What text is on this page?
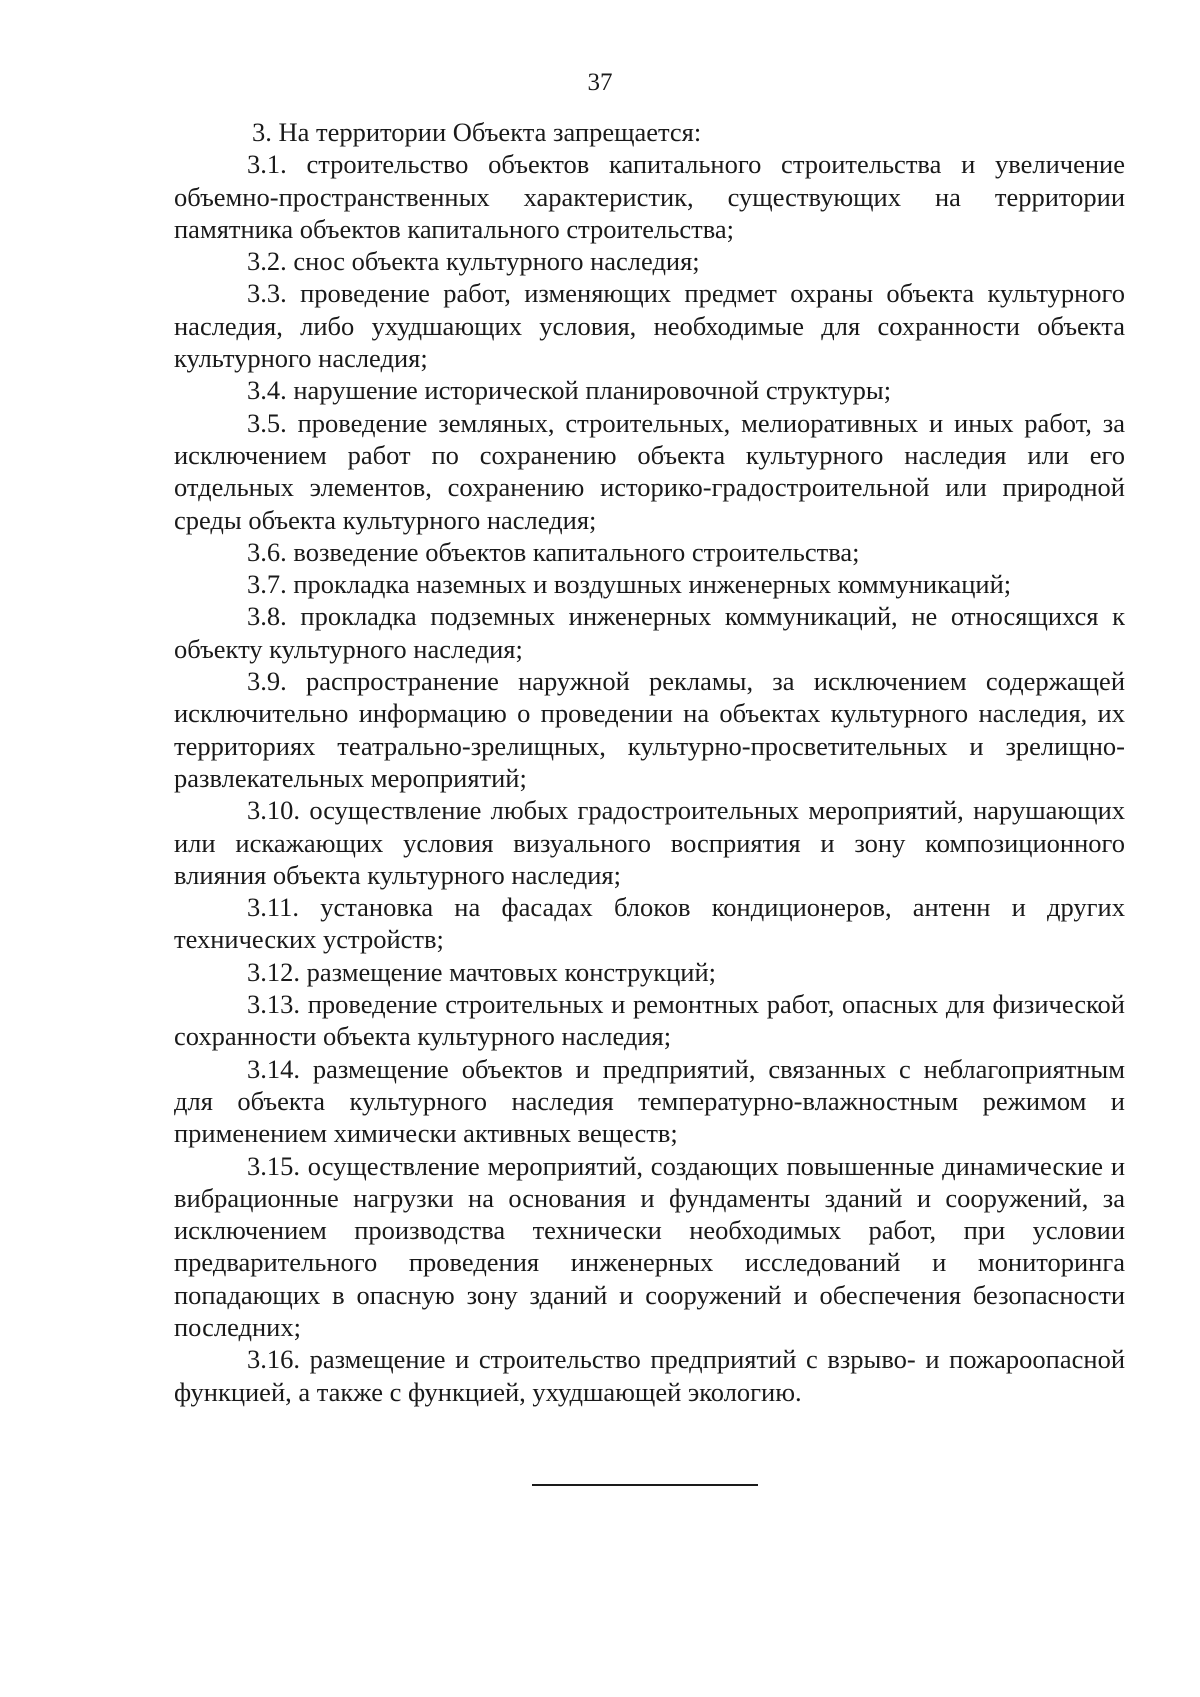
37

3. На территории Объекта запрещается:

3.1. строительство объектов капитального строительства и увеличение объемно-пространственных характеристик, существующих на территории памятника объектов капитального строительства;

3.2. снос объекта культурного наследия;

3.3. проведение работ, изменяющих предмет охраны объекта культурного наследия, либо ухудшающих условия, необходимые для сохранности объекта культурного наследия;

3.4. нарушение исторической планировочной структуры;

3.5. проведение земляных, строительных, мелиоративных и иных работ, за исключением работ по сохранению объекта культурного наследия или его отдельных элементов, сохранению историко-градостроительной или природной среды объекта культурного наследия;

3.6. возведение объектов капитального строительства;

3.7. прокладка наземных и воздушных инженерных коммуникаций;

3.8. прокладка подземных инженерных коммуникаций, не относящихся к объекту культурного наследия;

3.9. распространение наружной рекламы, за исключением содержащей исключительно информацию о проведении на объектах культурного наследия, их территориях театрально-зрелищных, культурно-просветительных и зрелищно-развлекательных мероприятий;

3.10. осуществление любых градостроительных мероприятий, нарушающих или искажающих условия визуального восприятия и зону композиционного влияния объекта культурного наследия;

3.11. установка на фасадах блоков кондиционеров, антенн и других технических устройств;

3.12. размещение мачтовых конструкций;

3.13. проведение строительных и ремонтных работ, опасных для физической сохранности объекта культурного наследия;

3.14. размещение объектов и предприятий, связанных с неблагоприятным для объекта культурного наследия температурно-влажностным режимом и применением химически активных веществ;

3.15. осуществление мероприятий, создающих повышенные динамические и вибрационные нагрузки на основания и фундаменты зданий и сооружений, за исключением производства технически необходимых работ, при условии предварительного проведения инженерных исследований и мониторинга попадающих в опасную зону зданий и сооружений и обеспечения безопасности последних;

3.16. размещение и строительство предприятий с взрыво- и пожароопасной функцией, а также с функцией, ухудшающей экологию.
